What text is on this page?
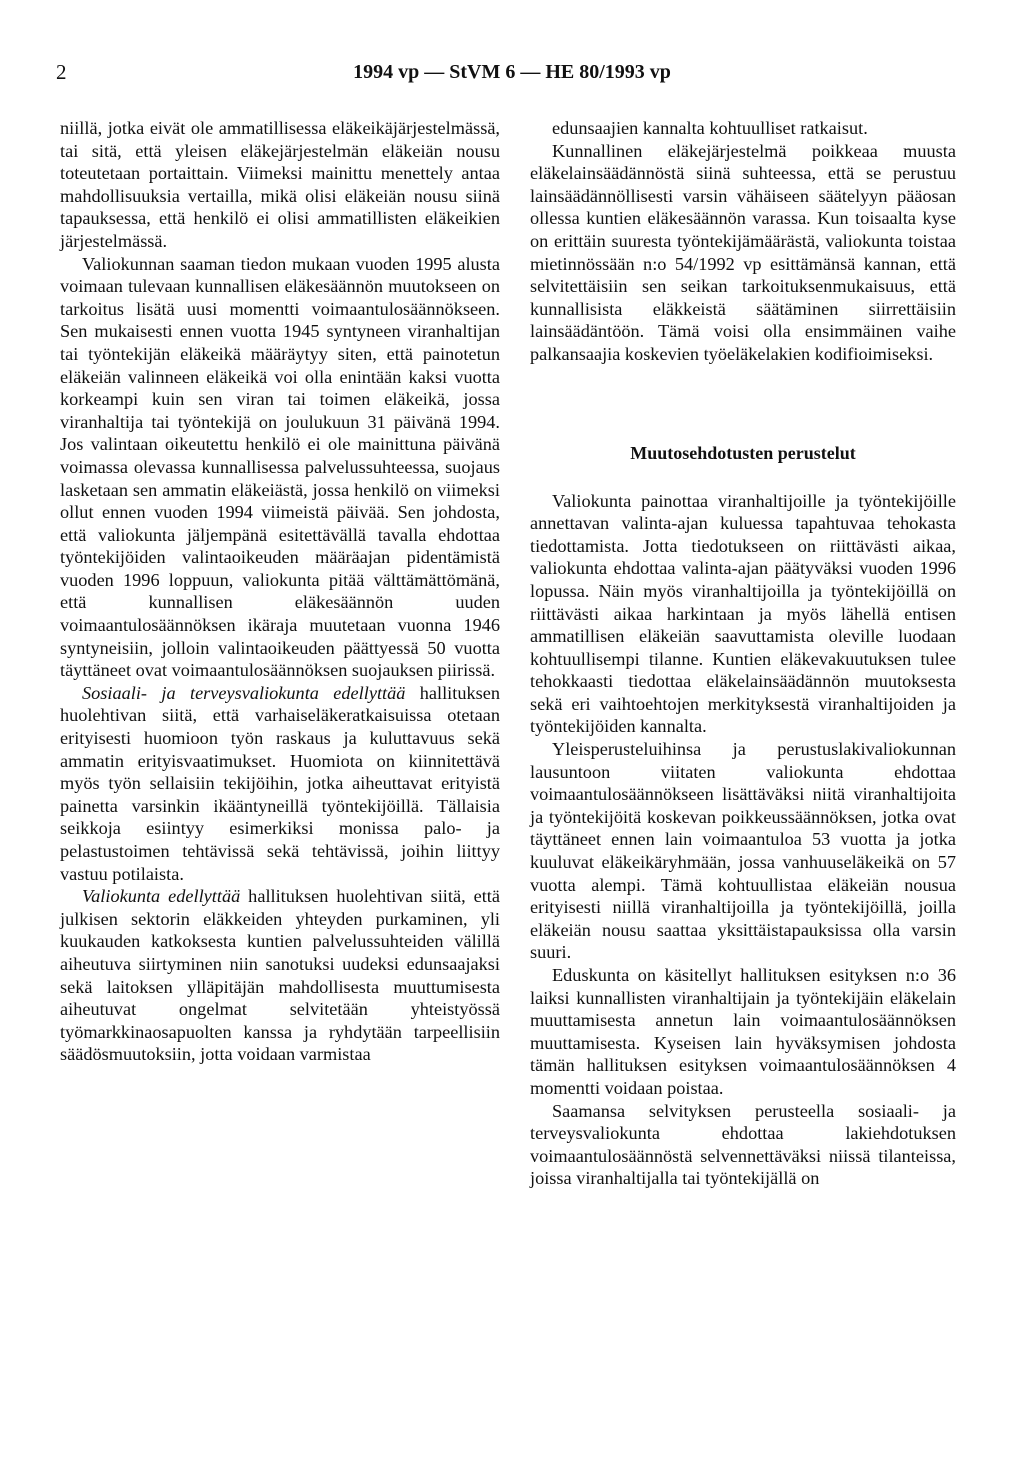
2	1994 vp — StVM 6 — HE 80/1993 vp

niillä, jotka eivät ole ammatillisessa eläkeikäjärjestelmässä, tai sitä, että yleisen eläkejärjestelmän eläkeiän nousu toteutetaan portaittain. Viimeksi mainittu menettely antaa mahdollisuuksia vertailla, mikä olisi eläkeiän nousu siinä tapauksessa, että henkilö ei olisi ammatillisten eläkeikien järjestelmässä.

Valiokunnan saaman tiedon mukaan vuoden 1995 alusta voimaan tulevaan kunnallisen eläkesäännön muutokseen on tarkoitus lisätä uusi momentti voimaantulosäännökseen. Sen mukaisesti ennen vuotta 1945 syntyneen viranhaltijan tai työntekijän eläkeikä määräytyy siten, että painotetun eläkeiän valinneen eläkeikä voi olla enintään kaksi vuotta korkeampi kuin sen viran tai toimen eläkeikä, jossa viranhaltija tai työntekijä on joulukuun 31 päivänä 1994. Jos valintaan oikeutettu henkilö ei ole mainittuna päivänä voimassa olevassa kunnallisessa palvelussuhteessa, suojaus lasketaan sen ammatin eläkeiästä, jossa henkilö on viimeksi ollut ennen vuoden 1994 viimeistä päivää. Sen johdosta, että valiokunta jäljempänä esitettävällä tavalla ehdottaa työntekijöiden valintaoikeuden määräajan pidentämistä vuoden 1996 loppuun, valiokunta pitää välttämättömänä, että kunnallisen eläkesäännön uuden voimaantulosäännöksen ikäraja muutetaan vuonna 1946 syntyneisiin, jolloin valintaoikeuden päättyessä 50 vuotta täyttäneet ovat voimaantulosäännöksen suojauksen piirissä.

Sosiaali- ja terveysvaliokunta edellyttää hallituksen huolehtivan siitä, että varhaiseläkeratkaisuissa otetaan erityisesti huomioon työn raskaus ja kuluttavuus sekä ammatin erityisvaatimukset. Huomiota on kiinnitettävä myös työn sellaisiin tekijöihin, jotka aiheuttavat erityistä painetta varsinkin ikääntyneillä työntekijöillä. Tällaisia seikkoja esiintyy esimerkiksi monissa palo- ja pelastustoimen tehtävissä sekä tehtävissä, joihin liittyy vastuu potilaista.

Valiokunta edellyttää hallituksen huolehtivan siitä, että julkisen sektorin eläkkeiden yhteyden purkaminen, yli kuukauden katkoksesta kuntien palvelussuhteiden välillä aiheutuva siirtyminen niin sanotuksi uudeksi edunsaajaksi sekä laitoksen ylläpitäjän mahdollisesta muuttumisesta aiheutuvat ongelmat selvitetään yhteistyössä työmarkkinaosapuolten kanssa ja ryhdytään tarpeellisiin säädösmuutoksiin, jotta voidaan varmistaa

edunsaajien kannalta kohtuulliset ratkaisut.

Kunnallinen eläkejärjestelmä poikkeaa muusta eläkelainsäädännöstä siinä suhteessa, että se perustuu lainsäädännöllisesti varsin vähäiseen säätelyyn pääosan ollessa kuntien eläkesäännön varassa. Kun toisaalta kyse on erittäin suuresta työntekijämäärästä, valiokunta toistaa mietinnössään n:o 54/1992 vp esittämänsä kannan, että selvitettäisiin sen seikan tarkoituksenmukaisuus, että kunnallisista eläkkeistä säätäminen siirrettäisiin lainsäädäntöön. Tämä voisi olla ensimmäinen vaihe palkansaajia koskevien työeläkelakien kodifioimiseksi.

Muutosehdotusten perustelut

Valiokunta painottaa viranhaltijoille ja työntekijöille annettavan valinta-ajan kuluessa tapahtuvaa tehokasta tiedottamista. Jotta tiedotukseen on riittävästi aikaa, valiokunta ehdottaa valinta-ajan päätyväksi vuoden 1996 lopussa. Näin myös viranhaltijoilla ja työntekijöillä on riittävästi aikaa harkintaan ja myös lähellä entisen ammatillisen eläkeiän saavuttamista oleville luodaan kohtuullisempi tilanne. Kuntien eläkevakuutuksen tulee tehokkaasti tiedottaa eläkelainsäädännön muutoksesta sekä eri vaihtoehtojen merkityksestä viranhaltijoiden ja työntekijöiden kannalta.

Yleisperusteluihinsa ja perustuslakivaliokunnan lausuntoon viitaten valiokunta ehdottaa voimaantulosäännökseen lisättäväksi niitä viranhaltijoita ja työntekijöitä koskevan poikkeussäännöksen, jotka ovat täyttäneet ennen lain voimaantuloa 53 vuotta ja jotka kuuluvat eläkeikäryhmään, jossa vanhuuseläkeikä on 57 vuotta alempi. Tämä kohtuullistaa eläkeiän nousua erityisesti niillä viranhaltijoilla ja työntekijöillä, joilla eläkeiän nousu saattaa yksittäistapauksissa olla varsin suuri.

Eduskunta on käsitellyt hallituksen esityksen n:o 36 laiksi kunnallisten viranhaltijain ja työntekijäin eläkelain muuttamisesta annetun lain voimaantulosäännöksen muuttamisesta. Kyseisen lain hyväksymisen johdosta tämän hallituksen esityksen voimaantulosäännöksen 4 momentti voidaan poistaa.

Saamansa selvityksen perusteella sosiaali- ja terveysvaliokunta ehdottaa lakiehdotuksen voimaantulosäännöstä selvennettäväksi niissä tilanteissa, joissa viranhaltijalla tai työntekijällä on
